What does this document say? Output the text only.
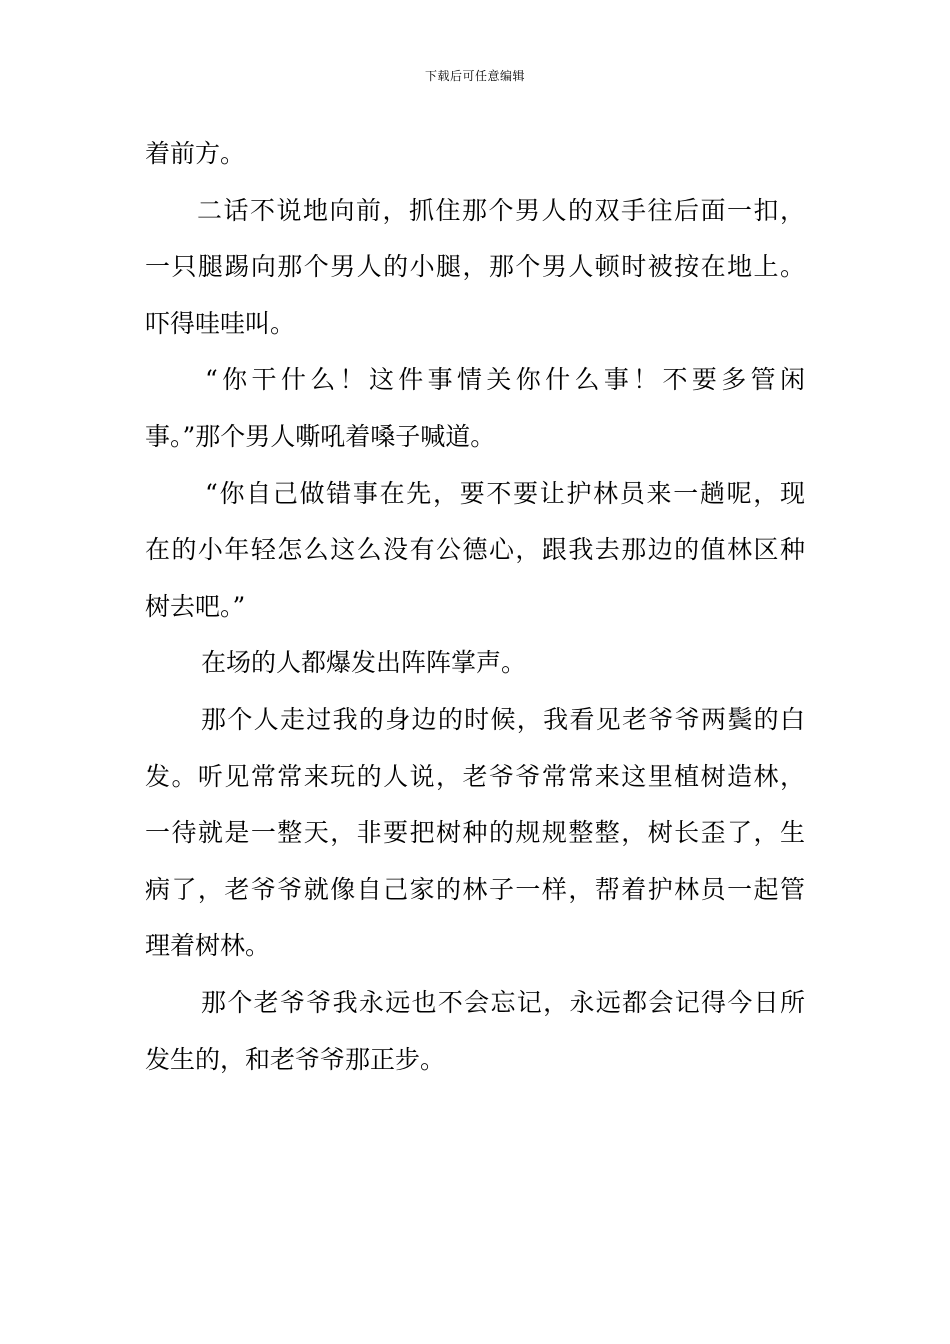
下载后可任意编辑
着前方。
二话不说地向前，抓住那个男人的双手往后面一扣，
一只腿踢向那个男人的小腿，那个男人顿时被按在地上。
吓得哇哇叫。
“你干什么！这件事情关你什么事！不要多管闲
事。”那个男人嘶吼着嗓子喊道。
“你自己做错事在先，要不要让护林员来一趟呢，现
在的小年轻怎么这么没有公德心，跟我去那边的值林区种
树去吧。”
在场的人都爆发出阵阵掌声。
那个人走过我的身边的时候，我看见老爷爷两鬓的白
发。听见常常来玩的人说，老爷爷常常来这里植树造林，
一待就是一整天，非要把树种的规规整整，树长歪了，生
病了，老爷爷就像自己家的林子一样，帮着护林员一起管
理着树林。
那个老爷爷我永远也不会忘记，永远都会记得今日所
发生的，和老爷爷那正步。
